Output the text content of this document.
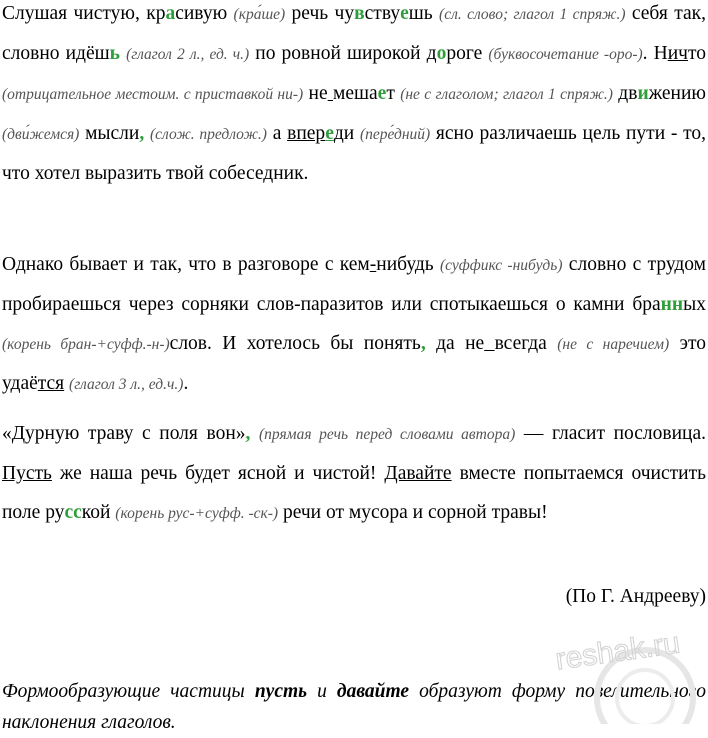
Слушая чистую, красивую (кра́ше) речь чувствуешь (сл. слово; глагол 1 спряж.) себя так, словно идёшь (глагол 2 л., ед. ч.) по ровной широкой дороге (буквосочетание -оро-). Ничто (отрицательное местоим. с приставкой ни-) не мешает (не с глаголом; глагол 1 спряж.) движению (дви́жемся) мысли, (слож. предлож.) а впереди (пере́дний) ясно различаешь цель пути - то, что хотел выразить твой собеседник.

Однако бывает и так, что в разговоре с кем-нибудь (суффикс -нибудь) словно с трудом пробираешься через сорняки слов-паразитов или спотыкаешься о камни бранных (корень бран-+суфф.-н-)слов. И хотелось бы понять, да не всегда (не с наречием) это удаётся (глагол 3 л., ед.ч.).

«Дурную траву с поля вон», (прямая речь перед словами автора) — гласит пословица. Пусть же наша речь будет ясной и чистой! Давайте вместе попытаемся очистить поле русской (корень рус-+суфф. -ск-) речи от мусора и сорной травы!

(По Г. Андрееву)

Формообразующие частицы пусть и давайте образуют форму повелительного наклонения глаголов.

reshak.ru
